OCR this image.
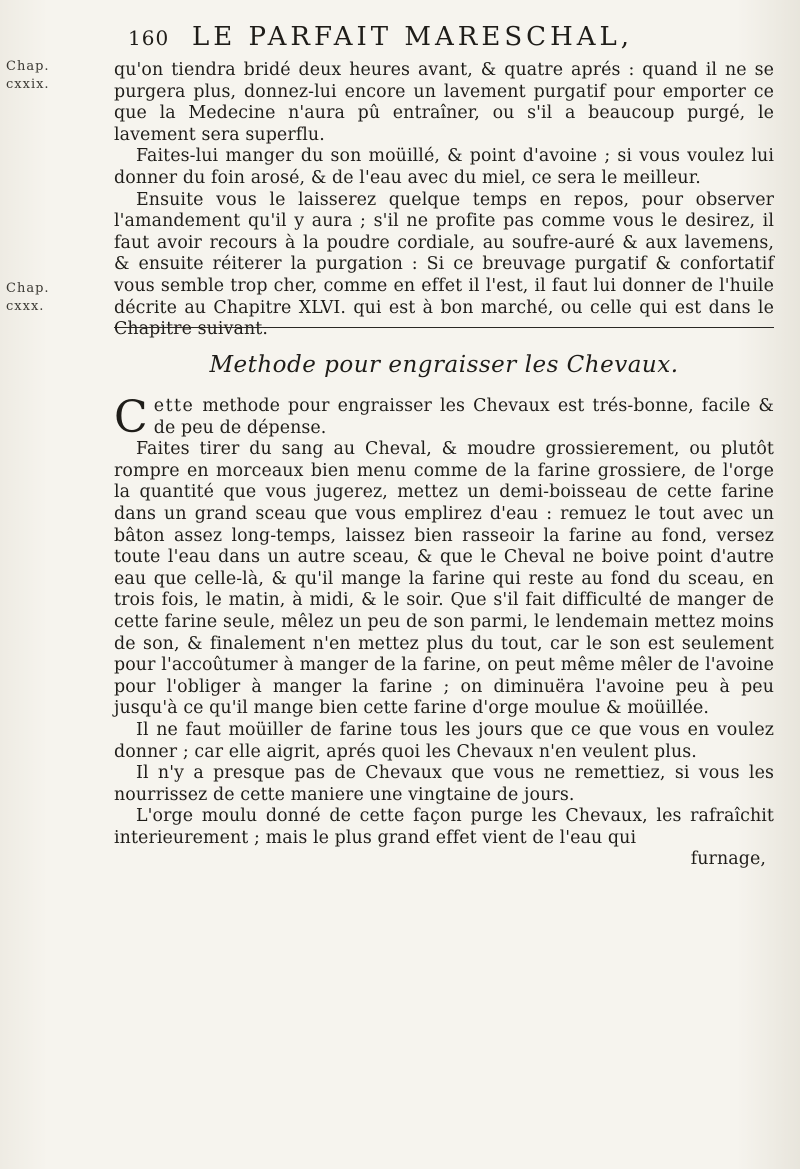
160 LE PARFAIT MARESCHAL,
Chap. cxxix.
Chap. cxxx.

qu'on tiendra bridé deux heures avant, & quatre aprés : quand il ne se purgera plus, donnez-lui encore un lavement purgatif pour emporter ce que la Medecine n'aura pû entraîner, ou s'il a beaucoup purgé, le lavement sera superflu.

Faites-lui manger du son moüillé, & point d'avoine ; si vous voulez lui donner du foin arosé, & de l'eau avec du miel, ce sera le meilleur.

Ensuite vous le laisserez quelque temps en repos, pour observer l'amandement qu'il y aura ; s'il ne profite pas comme vous le desirez, il faut avoir recours à la poudre cordiale, au soufre-auré & aux lavemens, & ensuite réiterer la purgation : Si ce breuvage purgatif & confortatif vous semble trop cher, comme en effet il l'est, il faut lui donner de l'huile décrite au Chapitre XLVI. qui est à bon marché, ou celle qui est dans le Chapitre suivant.

Methode pour engraisser les Chevaux.

Cette methode pour engraisser les Chevaux est trés-bonne, facile & de peu de dépense.

Faites tirer du sang au Cheval, & moudre grossierement, ou plutôt rompre en morceaux bien menu comme de la farine grossiere, de l'orge la quantité que vous jugerez, mettez un demi-boisseau de cette farine dans un grand sceau que vous emplirez d'eau : remuez le tout avec un bâton assez long-temps, laissez bien rasseoir la farine au fond, versez toute l'eau dans un autre sceau, & que le Cheval ne boive point d'autre eau que celle-là, & qu'il mange la farine qui reste au fond du sceau, en trois fois, le matin, à midi, & le soir. Que s'il fait difficulté de manger de cette farine seule, mêlez un peu de son parmi, le lendemain mettez moins de son, & finalement n'en mettez plus du tout, car le son est seulement pour l'accoûtumer à manger de la farine, on peut même mêler de l'avoine pour l'obliger à manger la farine ; on diminuëra l'avoine peu à peu jusqu'à ce qu'il mange bien cette farine d'orge moulue & moüillée.

Il ne faut moüiller de farine tous les jours que ce que vous en voulez donner ; car elle aigrit, aprés quoi les Chevaux n'en veulent plus.

Il n'y a presque pas de Chevaux que vous ne remettiez, si vous les nourrissez de cette maniere une vingtaine de jours.

L'orge moulu donné de cette façon purge les Chevaux, les rafraîchit interieurement ; mais le plus grand effet vient de l'eau qui

furnage,
